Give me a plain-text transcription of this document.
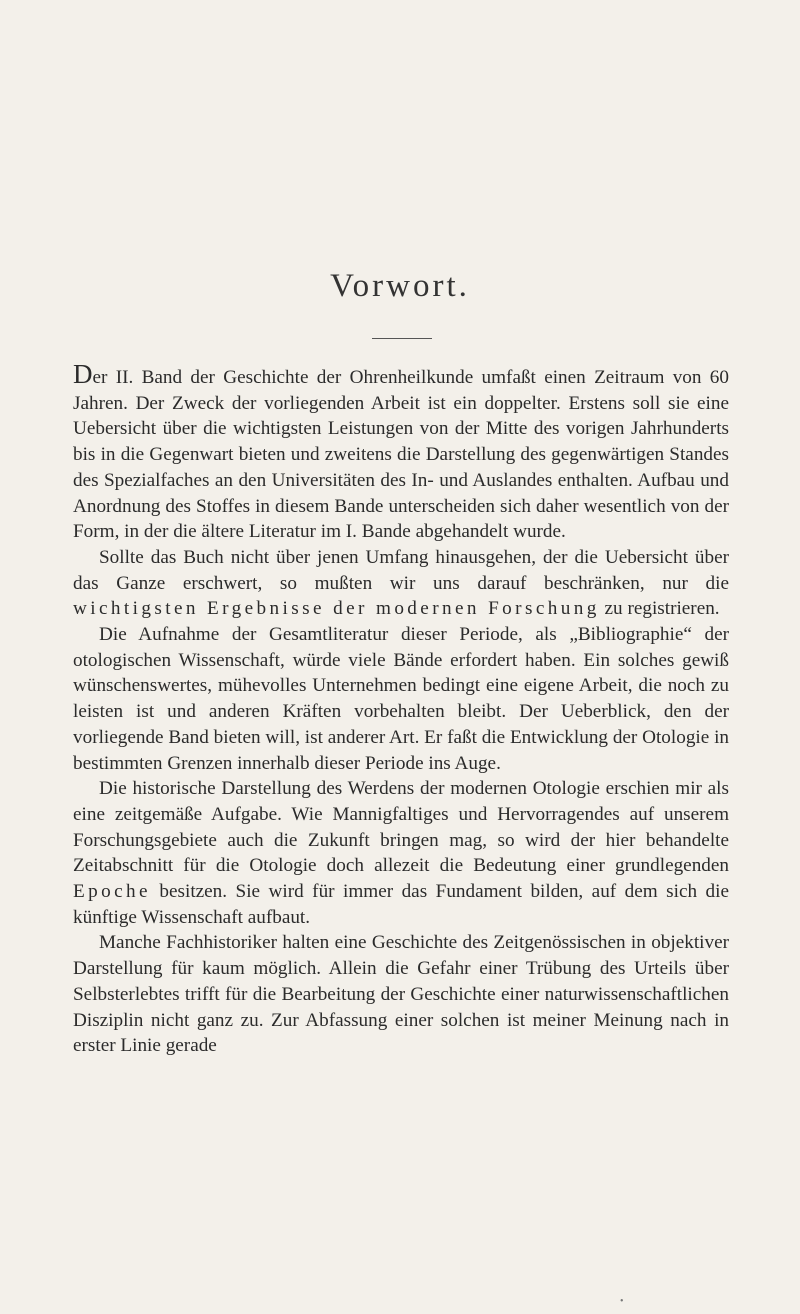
Vorwort.

Der II. Band der Geschichte der Ohrenheilkunde umfaßt einen Zeitraum von 60 Jahren. Der Zweck der vorliegenden Arbeit ist ein doppelter. Erstens soll sie eine Uebersicht über die wichtigsten Leistungen von der Mitte des vorigen Jahrhunderts bis in die Gegenwart bieten und zweitens die Darstellung des gegenwärtigen Standes des Spezialfaches an den Universitäten des In- und Auslandes enthalten. Aufbau und Anordnung des Stoffes in diesem Bande unterscheiden sich daher wesentlich von der Form, in der die ältere Literatur im I. Bande abgehandelt wurde.

Sollte das Buch nicht über jenen Umfang hinausgehen, der die Uebersicht über das Ganze erschwert, so mußten wir uns darauf beschränken, nur die wichtigsten Ergebnisse der modernen Forschung zu registrieren.

Die Aufnahme der Gesamtliteratur dieser Periode, als „Bibliographie“ der otologischen Wissenschaft, würde viele Bände erfordert haben. Ein solches gewiß wünschenswertes, mühevolles Unternehmen bedingt eine eigene Arbeit, die noch zu leisten ist und anderen Kräften vorbehalten bleibt. Der Ueberblick, den der vorliegende Band bieten will, ist anderer Art. Er faßt die Entwicklung der Otologie in bestimmten Grenzen innerhalb dieser Periode ins Auge.

Die historische Darstellung des Werdens der modernen Otologie erschien mir als eine zeitgemäße Aufgabe. Wie Mannigfaltiges und Hervorragendes auf unserem Forschungsgebiete auch die Zukunft bringen mag, so wird der hier behandelte Zeitabschnitt für die Otologie doch allezeit die Bedeutung einer grundlegenden Epoche besitzen. Sie wird für immer das Fundament bilden, auf dem sich die künftige Wissenschaft aufbaut.

Manche Fachhistoriker halten eine Geschichte des Zeitgenössischen in objektiver Darstellung für kaum möglich. Allein die Gefahr einer Trübung des Urteils über Selbsterlebtes trifft für die Bearbeitung der Geschichte einer naturwissenschaftlichen Disziplin nicht ganz zu. Zur Abfassung einer solchen ist meiner Meinung nach in erster Linie gerade

•
